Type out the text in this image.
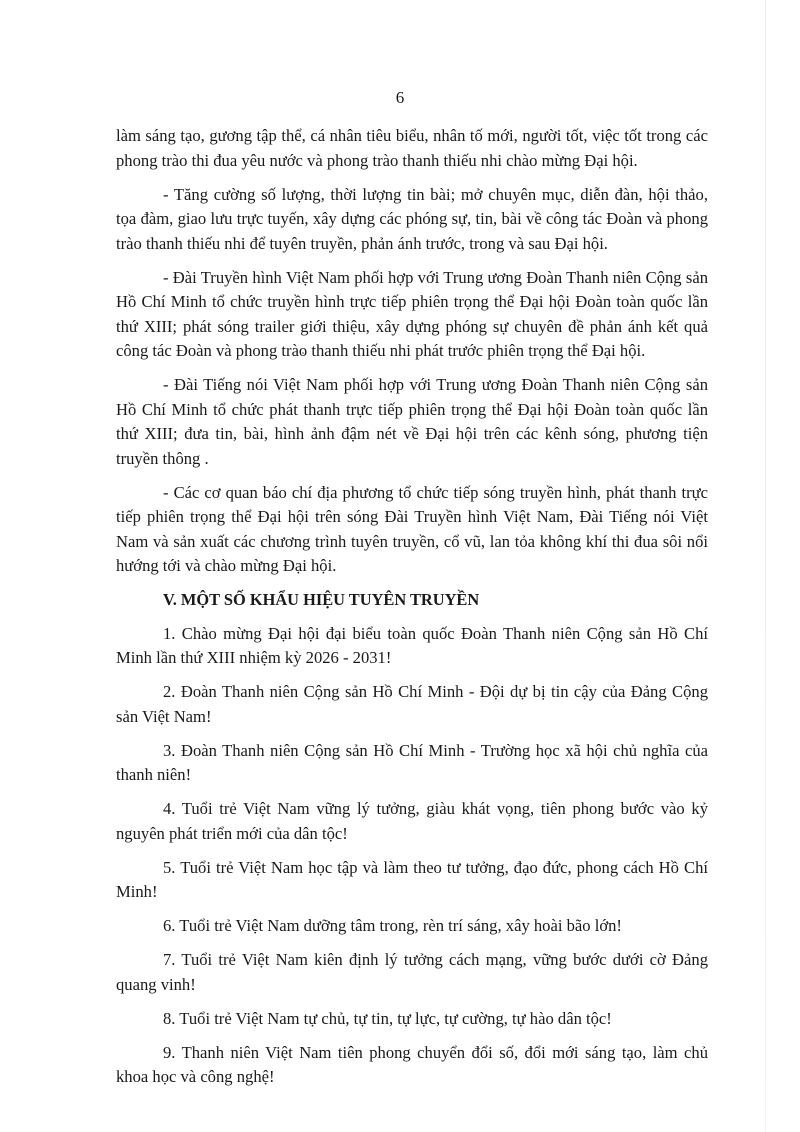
6

làm sáng tạo, gương tập thể, cá nhân tiêu biểu, nhân tố mới, người tốt, việc tốt trong các phong trào thi đua yêu nước và phong trào thanh thiếu nhi chào mừng Đại hội.

- Tăng cường số lượng, thời lượng tin bài; mở chuyên mục, diễn đàn, hội thảo, tọa đàm, giao lưu trực tuyến, xây dựng các phóng sự, tin, bài về công tác Đoàn và phong trào thanh thiếu nhi để tuyên truyền, phản ánh trước, trong và sau Đại hội.

- Đài Truyền hình Việt Nam phối hợp với Trung ương Đoàn Thanh niên Cộng sản Hồ Chí Minh tổ chức truyền hình trực tiếp phiên trọng thể Đại hội Đoàn toàn quốc lần thứ XIII; phát sóng trailer giới thiệu, xây dựng phóng sự chuyên đề phản ánh kết quả công tác Đoàn và phong trào thanh thiếu nhi phát trước phiên trọng thể Đại hội.

- Đài Tiếng nói Việt Nam phối hợp với Trung ương Đoàn Thanh niên Cộng sản Hồ Chí Minh tổ chức phát thanh trực tiếp phiên trọng thể Đại hội Đoàn toàn quốc lần thứ XIII; đưa tin, bài, hình ảnh đậm nét về Đại hội trên các kênh sóng, phương tiện truyền thông .

- Các cơ quan báo chí địa phương tổ chức tiếp sóng truyền hình, phát thanh trực tiếp phiên trọng thể Đại hội trên sóng Đài Truyền hình Việt Nam, Đài Tiếng nói Việt Nam và sản xuất các chương trình tuyên truyền, cổ vũ, lan tỏa không khí thi đua sôi nổi hướng tới và chào mừng Đại hội.

V. MỘT SỐ KHẨU HIỆU TUYÊN TRUYỀN

1. Chào mừng Đại hội đại biểu toàn quốc Đoàn Thanh niên Cộng sản Hồ Chí Minh lần thứ XIII nhiệm kỳ 2026 - 2031!

2. Đoàn Thanh niên Cộng sản Hồ Chí Minh - Đội dự bị tin cậy của Đảng Cộng sản Việt Nam!

3. Đoàn Thanh niên Cộng sản Hồ Chí Minh - Trường học xã hội chủ nghĩa của thanh niên!

4. Tuổi trẻ Việt Nam vững lý tưởng, giàu khát vọng, tiên phong bước vào kỷ nguyên phát triển mới của dân tộc!

5. Tuổi trẻ Việt Nam học tập và làm theo tư tưởng, đạo đức, phong cách Hồ Chí Minh!

6. Tuổi trẻ Việt Nam dưỡng tâm trong, rèn trí sáng, xây hoài bão lớn!

7. Tuổi trẻ Việt Nam kiên định lý tưởng cách mạng, vững bước dưới cờ Đảng quang vinh!

8. Tuổi trẻ Việt Nam tự chủ, tự tin, tự lực, tự cường, tự hào dân tộc!

9. Thanh niên Việt Nam tiên phong chuyển đổi số, đổi mới sáng tạo, làm chủ khoa học và công nghệ!
